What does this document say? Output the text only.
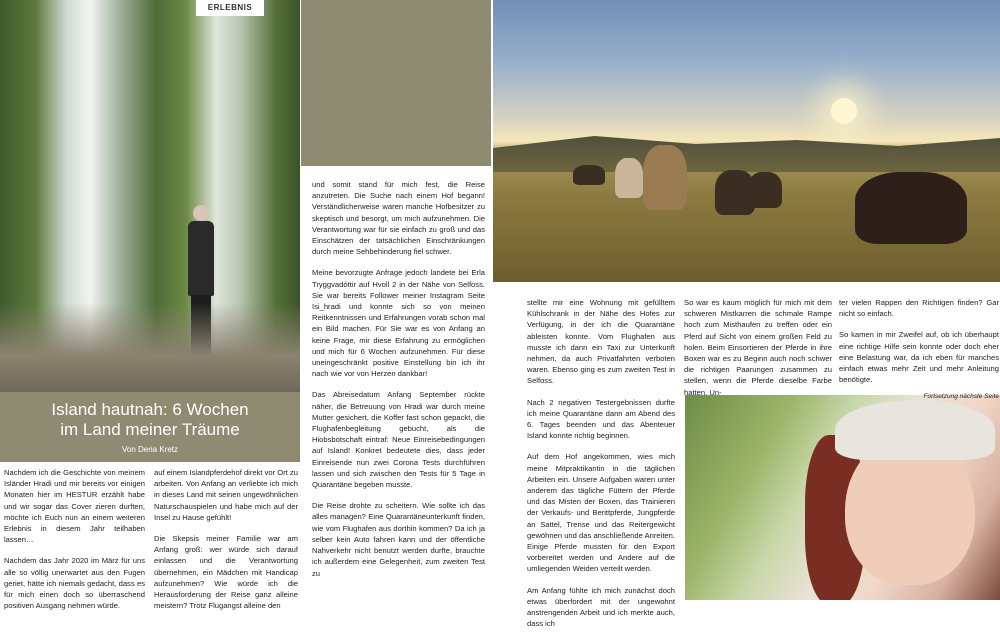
ERLEBNIS
Island hautnah: 6 Wochen
im Land meiner Träume
Von Deria Kretz

Nachdem ich die Geschichte von meinem Isländer Hradi und mir bereits vor einigen Monaten hier im HESTUR erzählt habe und wir sogar das Cover zieren durften, möchte ich Euch nun an einem weiteren Erlebnis in diesem Jahr teilhaben lassen…

Nachdem das Jahr 2020 im März für uns alle so völlig unerwartet aus den Fugen geriet, hätte ich niemals gedacht, dass es für mich einen doch so überraschend positiven Ausgang nehmen würde.

auf einem Islandpferdehof direkt vor Ort zu arbeiten. Von Anfang an verliebte ich mich in dieses Land mit seinen ungewöhnlichen Naturschauspielen und habe mich auf der Insel zu Hause gefühlt!

Die Skepsis meiner Familie war am Anfang groß: wer würde sich darauf einlassen und die Verantwortung übernehmen, ein Mädchen mit Handicap aufzunehmen? Wie würde ich die Herausforderung der Reise ganz alleine meistern? Trotz Flugangst alleine den

und somit stand für mich fest, die Reise anzutreten. Die Suche nach einem Hof begann! Verständlicherweise waren manche Hofbesitzer zu skeptisch und besorgt, um mich aufzunehmen. Die Verantwortung war für sie einfach zu groß und das Einschätzen der tatsächlichen Einschränkungen durch meine Sehbehinderung fiel schwer.

Meine bevorzugte Anfrage jedoch landete bei Erla Tryggvadóttir auf Hvoll 2 in der Nähe von Selfoss. Sie war bereits Follower meiner Instagram Seite Isi_hradi und konnte sich so von meinen Reitkenntnissen und Erfahrungen vorab schon mal ein Bild machen. Für Sie war es von Anfang an keine Frage, mir diese Erfahrung zu ermöglichen und mich für 6 Wochen aufzunehmen. Für diese uneingeschränkt positive Einstellung bin ich ihr nach wie vor von Herzen dankbar!

Das Abreisedatum Anfang September rückte näher, die Betreuung von Hradi war durch meine Mutter gesichert, die Koffer fast schon gepackt, die Flughafenbegleitung gebucht, als die Hiobsbotschaft eintraf: Neue Einreisebedingungen auf Island! Konkret bedeutete dies, dass jeder Einreisende nun zwei Corona Tests durchführen lassen und sich zwischen den Tests für 5 Tage in Quarantäne begeben musste.

Die Reise drohte zu scheitern. Wie sollte ich das alles managen? Eine Quarantäneunterkunft finden, wie vom Flughafen aus dorthin kommen? Da ich ja selber kein Auto fahren kann und der öffentliche Nahverkehr nicht benutzt werden durfte, brauchte ich außerdem eine Gelegenheit, zum zweiten Test zu

stellte mir eine Wohnung mit gefülltem Kühlschrank in der Nähe des Hofes zur Verfügung, in der ich die Quarantäne ableisten konnte. Vom Flughafen aus musste ich dann ein Taxi zur Unterkunft nehmen, da auch Privatfahrten verboten waren. Ebenso ging es zum zweiten Test in Selfoss.

Nach 2 negativen Testergebnissen durfte ich meine Quarantäne dann am Abend des 6. Tages beenden und das Abenteuer Island konnte richtig beginnen.

Auf dem Hof angekommen, wies mich meine Mitpraktikantin in die täglichen Arbeiten ein. Unsere Aufgaben waren unter anderem das tägliche Füttern der Pferde und das Misten der Boxen, das Trainieren der Verkaufs- und Berittpferde, Jungpferde an Sattel, Trense und das Reitergewicht gewöhnen und das anschließende Anreiten. Einige Pferde mussten für den Export vorbereitet werden und Andere auf die umliegenden Weiden verteilt werden.

Am Anfang fühlte ich mich zunächst doch etwas überfordert mit der ungewohnt anstrengenden Arbeit und ich merkte auch, dass ich

So war es kaum möglich für mich mit dem schweren Mistkarren die schmale Rampe hoch zum Misthaufen zu treffen oder ein Pferd auf Sicht von einem großen Feld zu holen. Beim Einsortieren der Pferde in ihre Boxen war es zu Beginn auch noch schwer die richtigen Paarungen zusammen zu stellen, wenn die Pferde dieselbe Farbe hatten. Un-

ter vielen Rappen den Richtigen finden? Gar nicht so einfach.

So kamen in mir Zweifel auf, ob ich überhaupt eine richtige Hilfe sein konnte oder doch eher eine Belastung war, da ich eben für manches einfach etwas mehr Zeit und mehr Anleitung benötigte.

Fortsetzung nächste Seite
